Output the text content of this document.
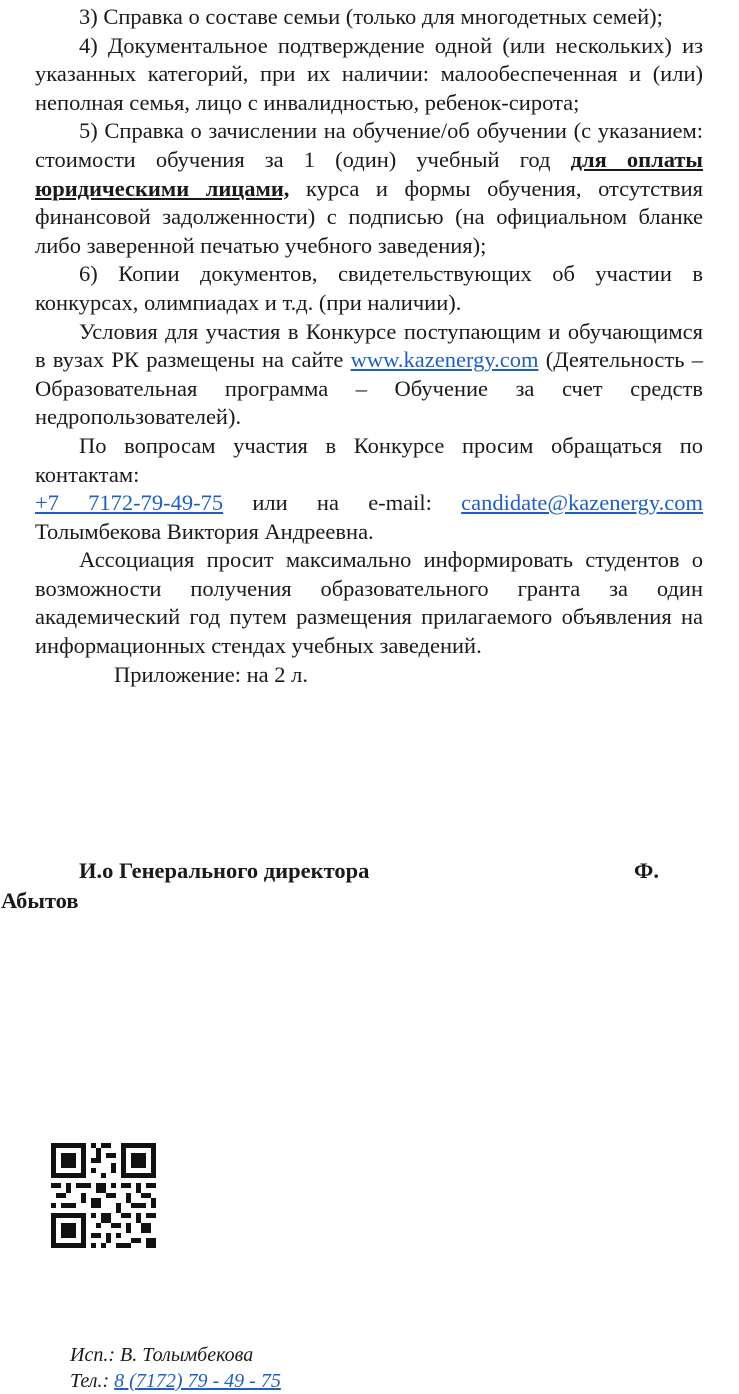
3) Справка о составе семьи (только для многодетных семей);

4) Документальное подтверждение одной (или нескольких) из указанных категорий, при их наличии: малообеспеченная и (или) неполная семья, лицо с инвалидностью, ребенок-сирота;

5) Справка о зачислении на обучение/об обучении (с указанием: стоимости обучения за 1 (один) учебный год для оплаты юридическими лицами, курса и формы обучения, отсутствия финансовой задолженности) с подписью (на официальном бланке либо заверенной печатью учебного заведения);

6) Копии документов, свидетельствующих об участии в конкурсах, олимпиадах и т.д. (при наличии).

Условия для участия в Конкурсе поступающим и обучающимся в вузах РК размещены на сайте www.kazenergy.com (Деятельность – Образовательная программа – Обучение за счет средств недропользователей).

По вопросам участия в Конкурсе просим обращаться по контактам:

+7 7172-79-49-75 или на e-mail: candidate@kazenergy.com Толымбекова Виктория Андреевна.

Ассоциация просит максимально информировать студентов о возможности получения образовательного гранта за один академический год путем размещения прилагаемого объявления на информационных стендах учебных заведений.

Приложение: на 2 л.

И.о Генерального директора	Ф.
Абытов
Исп.: В. Толымбекова
Тел.: 8 (7172) 79 - 49 - 75
